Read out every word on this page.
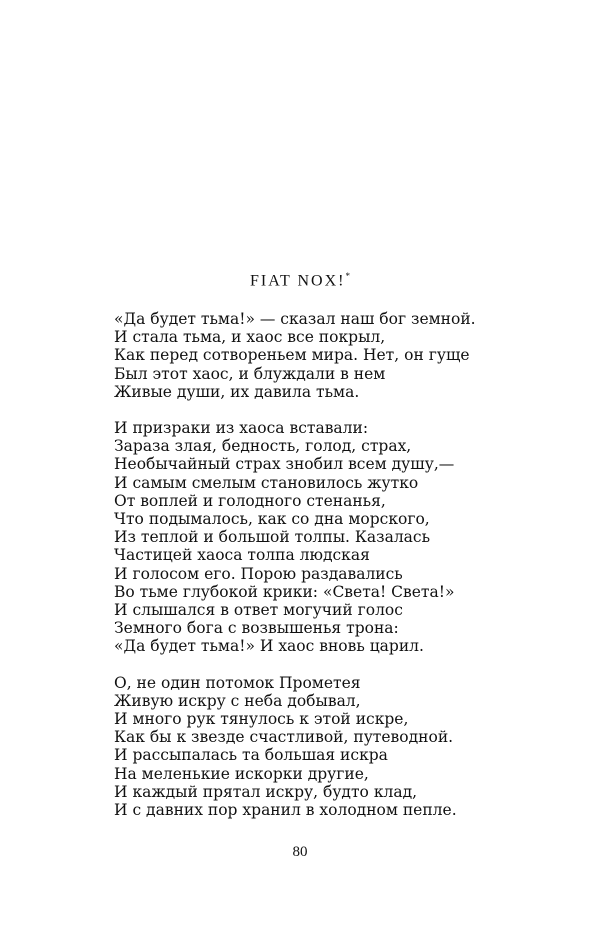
FIAT NOX!*

«Да будет тьма!» — сказал наш бог земной.
И стала тьма, и хаос все покрыл,
Как перед сотвореньем мира. Нет, он гуще
Был этот хаос, и блуждали в нем
Живые души, их давила тьма.
И призраки из хаоса вставали:
Зараза злая, бедность, голод, страх,
Необычайный страх знобил всем душу,—
И самым смелым становилось жутко
От воплей и голодного стенанья,
Что подымалось, как со дна морского,
Из теплой и большой толпы. Казалась
Частицей хаоса толпа людская
И голосом его. Порою раздавались
Во тьме глубокой крики: «Света! Света!»
И слышался в ответ могучий голос
Земного бога с возвышенья трона:
«Да будет тьма!» И хаос вновь царил.
О, не один потомок Прометея
Живую искру с неба добывал,
И много рук тянулось к этой искре,
Как бы к звезде счастливой, путеводной.
И рассыпалась та большая искра
На меленькие искорки другие,
И каждый прятал искру, будто клад,
И с давних пор хранил в холодном пепле.

80
